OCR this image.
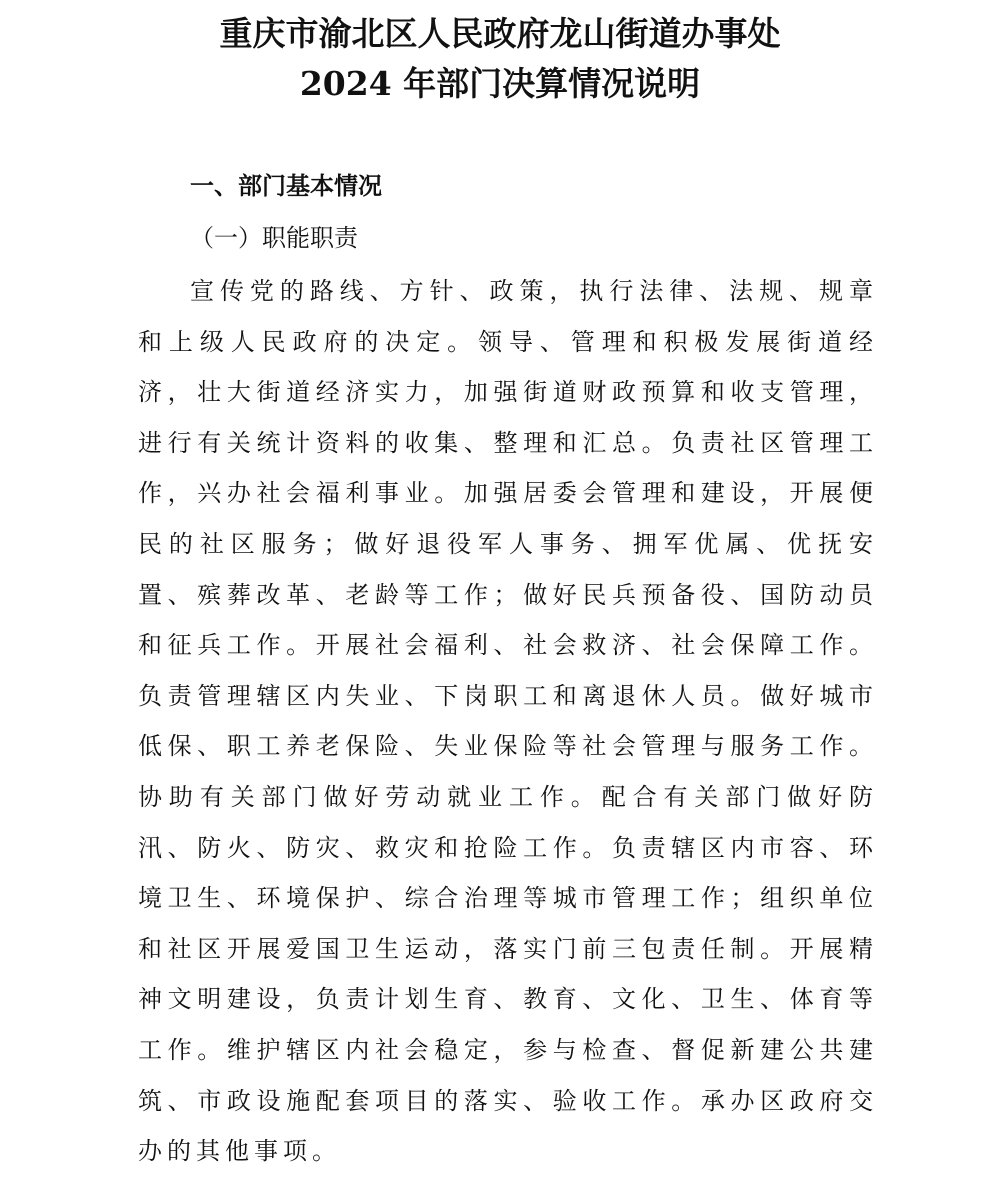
重庆市渝北区人民政府龙山街道办事处
2024 年部门决算情况说明
一、部门基本情况
（一）职能职责
宣传党的路线、方针、政策，执行法律、法规、规章和上级人民政府的决定。领导、管理和积极发展街道经济，壮大街道经济实力，加强街道财政预算和收支管理，进行有关统计资料的收集、整理和汇总。负责社区管理工作，兴办社会福利事业。加强居委会管理和建设，开展便民的社区服务；做好退役军人事务、拥军优属、优抚安置、殡葬改革、老龄等工作；做好民兵预备役、国防动员和征兵工作。开展社会福利、社会救济、社会保障工作。负责管理辖区内失业、下岗职工和离退休人员。做好城市低保、职工养老保险、失业保险等社会管理与服务工作。协助有关部门做好劳动就业工作。配合有关部门做好防汛、防火、防灾、救灾和抢险工作。负责辖区内市容、环境卫生、环境保护、综合治理等城市管理工作；组织单位和社区开展爱国卫生运动，落实门前三包责任制。开展精神文明建设，负责计划生育、教育、文化、卫生、体育等工作。维护辖区内社会稳定，参与检查、督促新建公共建筑、市政设施配套项目的落实、验收工作。承办区政府交办的其他事项。
